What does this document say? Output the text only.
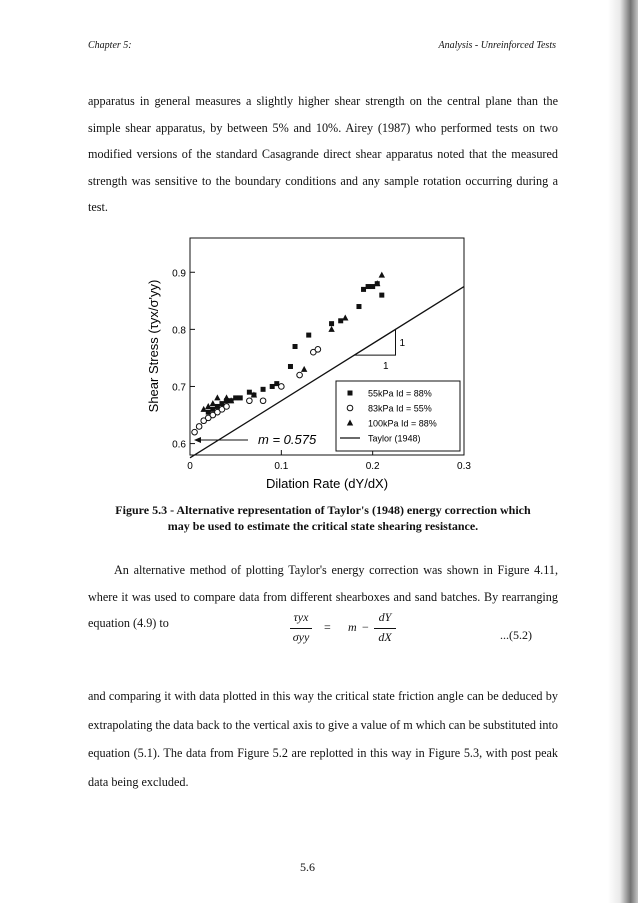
Chapter 5:	Analysis - Unreinforced Tests
apparatus in general measures a slightly higher shear strength on the central plane than the simple shear apparatus, by between 5% and 10%. Airey (1987) who performed tests on two modified versions of the standard Casagrande direct shear apparatus noted that the measured strength was sensitive to the boundary conditions and any sample rotation occurring during a test.
0	0.1	0.2	0.3
0.6
0.7
0.8
0.9
1
1
m = 0.575
55kPa Id = 88%
83kPa Id = 55%
100kPa Id = 88%
Taylor (1948)
Dilation Rate (dY/dX)
Shear Stress (τyx/σ'yy)
Figure 5.3 - Alternative representation of Taylor's (1948) energy correction which
may be used to estimate the critical state shearing resistance.
An alternative method of plotting Taylor's energy correction was shown in Figure 4.11, where it was used to compare data from different shearboxes and sand batches. By rearranging equation (4.9) to	τyx
σyy
= m −
dY
dX	...(5.2)
and comparing it with data plotted in this way the critical state friction angle can be deduced by extrapolating the data back to the vertical axis to give a value of m which can be substituted into equation (5.1). The data from Figure 5.2 are replotted in this way in Figure 5.3, with post peak data being excluded.
5.6
